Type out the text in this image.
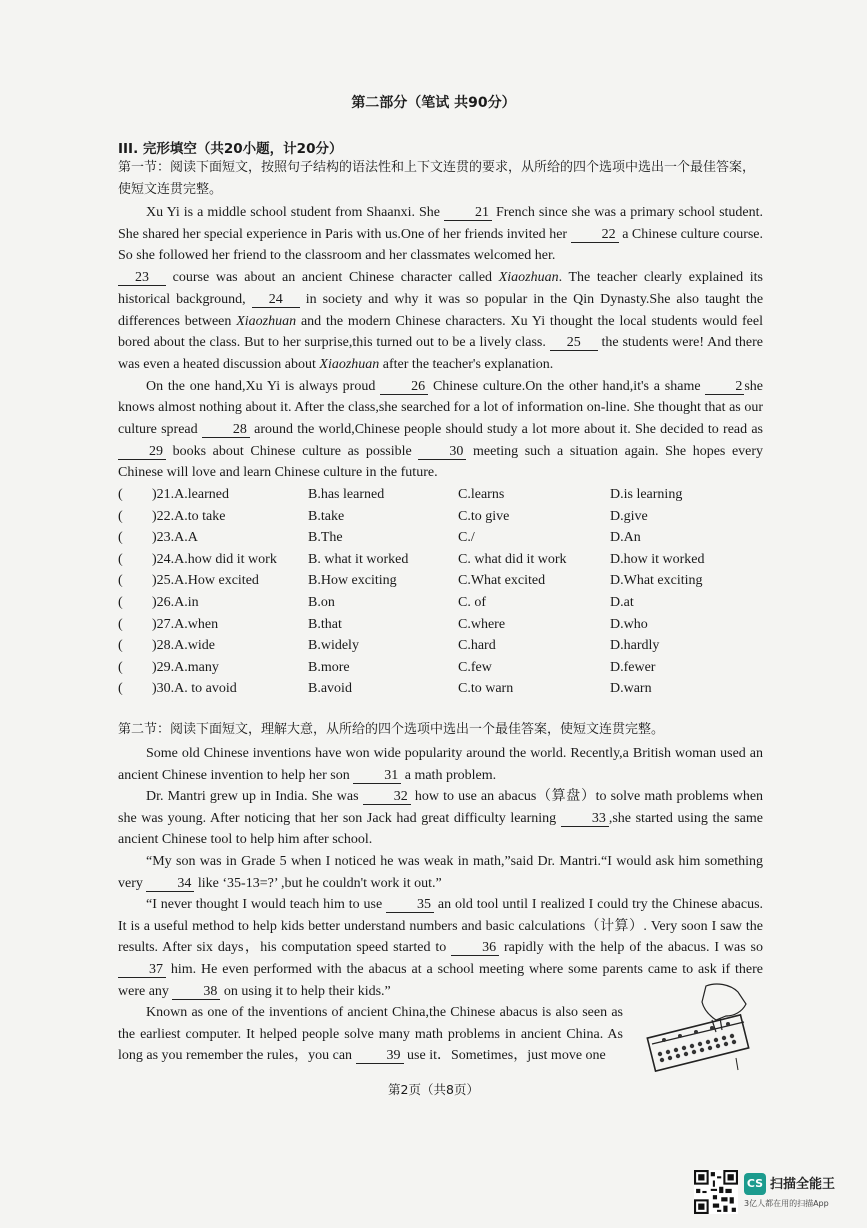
第二部分（笔试 共90分）
III. 完形填空（共20小题，计20分）
第一节：阅读下面短文，按照句子结构的语法性和上下文连贯的要求，从所给的四个选项中选出一个最佳答案，使短文连贯完整。

Xu Yi is a middle school student from Shaanxi. She	21 French since she was a primary school student. She shared her special experience in Paris with us.One of her friends invited her 22 a Chinese culture course. So she followed her friend to the classroom and her classmates welcomed her.

23 course was about an ancient Chinese character called Xiaozhuan. The teacher clearly explained its historical background, 24 in society and why it was so popular in the Qin Dynasty.She also taught the differences between Xiaozhuan and the modern Chinese characters. Xu Yi thought the local students would feel bored about the class. But to her surprise,this turned out to be a lively class. 25 the students were! And there was even a heated discussion about Xiaozhuan after the teacher's explanation.

On the one hand,Xu Yi is always proud	26 Chinese culture.On the other hand,it's a shame 2 she knows almost nothing about it. After the class,she searched for a lot of information on-line. She thought that as our culture spread	28 around the world,Chinese people should study a lot more about it. She decided to read as 29 books about Chinese culture as possible	30 meeting such a situation again. She hopes every Chinese will love and learn Chinese culture in the future.

( )21.A.learned	B.has learned	C.learns	D.is learning
( )22.A.to take	B.take	C.to give	D.give
( )23.A.A	B.The	C./	D.An
( )24.A.how did it work B. what it worked	C. what did it work	D.how it worked
( )25.A.How excited	B.How exciting	C.What excited	D.What exciting
( )26.A.in	B.on	C. of	D.at
( )27.A.when	B.that	C.where	D.who
( )28.A.wide	B.widely	C.hard	D.hardly
( )29.A.many	B.more	C.few	D.fewer
( )30.A. to avoid	B.avoid	C.to warn	D.warn
第二节：阅读下面短文，理解大意，从所给的四个选项中选出一个最佳答案，使短文连贯完整。

Some old Chinese inventions have won wide popularity around the world. Recently,a British woman used an ancient Chinese invention to help her son 31 a math problem.

Dr. Mantri grew up in India. She was	32 how to use an abacus（算盘）to solve math problems when she was young. After noticing that her son Jack had great difficulty learning	33 ,she started using the same ancient Chinese tool to help him after school.

“My son was in Grade 5 when I noticed he was weak in math,”said Dr. Mantri.“I would ask him something very 34 like ‘35-13=?’ ,but he couldn't work it out.”

“I never thought I would teach him to use 35 an old tool until I realized I could try the Chinese abacus. It is a useful method to help kids better understand numbers and basic calculations（计算）. Very soon I saw the results. After six days，his computation speed started to	36 rapidly with the help of the abacus. I was so 37 him. He even performed with the abacus at a school meeting where some parents came to ask if there were any 38 on using it to help their kids.”

Known as one of the inventions of ancient China,the Chinese abacus is also seen as the earliest computer. It helped people solve many math problems in ancient China. As long as you remember the rules，you can 39 use it．Sometimes，just move one

第2页（共8页）
CS 扫描全能王
3亿人都在用的扫描App
